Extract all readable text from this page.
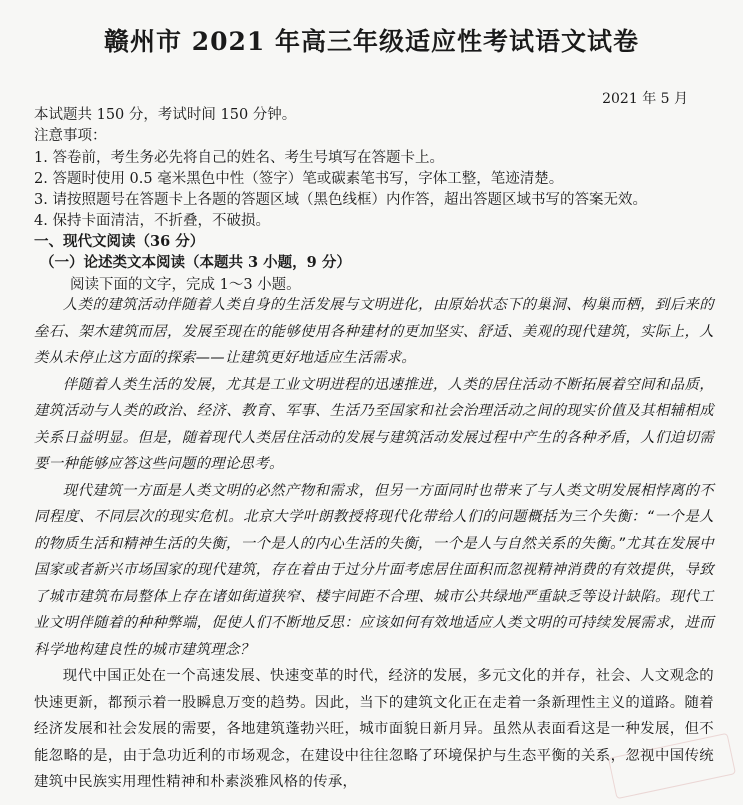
赣州市 2021 年高三年级适应性考试语文试卷
2021 年 5 月
本试题共 150 分，考试时间 150 分钟。
注意事项：
1. 答卷前，考生务必先将自己的姓名、考生号填写在答题卡上。
2. 答题时使用 0.5 毫米黑色中性（签字）笔或碳素笔书写，字体工整，笔迹清楚。
3. 请按照题号在答题卡上各题的答题区域（黑色线框）内作答，超出答题区域书写的答案无效。
4. 保持卡面清洁，不折叠，不破损。
一、现代文阅读（36 分）
（一）论述类文本阅读（本题共 3 小题，9 分）
阅读下面的文字，完成 1～3 小题。

人类的建筑活动伴随着人类自身的生活发展与文明进化，由原始状态下的巢洞、构巢而栖，到后来的垒石、架木建筑而居，发展至现在的能够使用各种建材的更加坚实、舒适、美观的现代建筑，实际上，人类从未停止这方面的探索——让建筑更好地适应生活需求。

伴随着人类生活的发展，尤其是工业文明进程的迅速推进，人类的居住活动不断拓展着空间和品质，建筑活动与人类的政治、经济、教育、军事、生活乃至国家和社会治理活动之间的现实价值及其相辅相成关系日益明显。但是，随着现代人类居住活动的发展与建筑活动发展过程中产生的各种矛盾，人们迫切需要一种能够应答这些问题的理论思考。

现代建筑一方面是人类文明的必然产物和需求，但另一方面同时也带来了与人类文明发展相悖离的不同程度、不同层次的现实危机。北京大学叶朗教授将现代化带给人们的问题概括为三个失衡：“一个是人的物质生活和精神生活的失衡，一个是人的内心生活的失衡，一个是人与自然关系的失衡。”尤其在发展中国家或者新兴市场国家的现代建筑，存在着由于过分片面考虑居住面积而忽视精神消费的有效提供，导致了城市建筑布局整体上存在诸如街道狭窄、楼宇间距不合理、城市公共绿地严重缺乏等设计缺陷。现代工业文明伴随着的种种弊端，促使人们不断地反思：应该如何有效地适应人类文明的可持续发展需求，进而科学地构建良性的城市建筑理念？

现代中国正处在一个高速发展、快速变革的时代，经济的发展，多元文化的并存，社会、人文观念的快速更新，都预示着一股瞬息万变的趋势。因此，当下的建筑文化正在走着一条新理性主义的道路。随着经济发展和社会发展的需要，各地建筑蓬勃兴旺，城市面貌日新月异。虽然从表面看这是一种发展，但不能忽略的是，由于急功近利的市场观念，在建设中往往忽略了环境保护与生态平衡的关系，忽视中国传统建筑中民族实用理性精神和朴素淡雅风格的传承，
